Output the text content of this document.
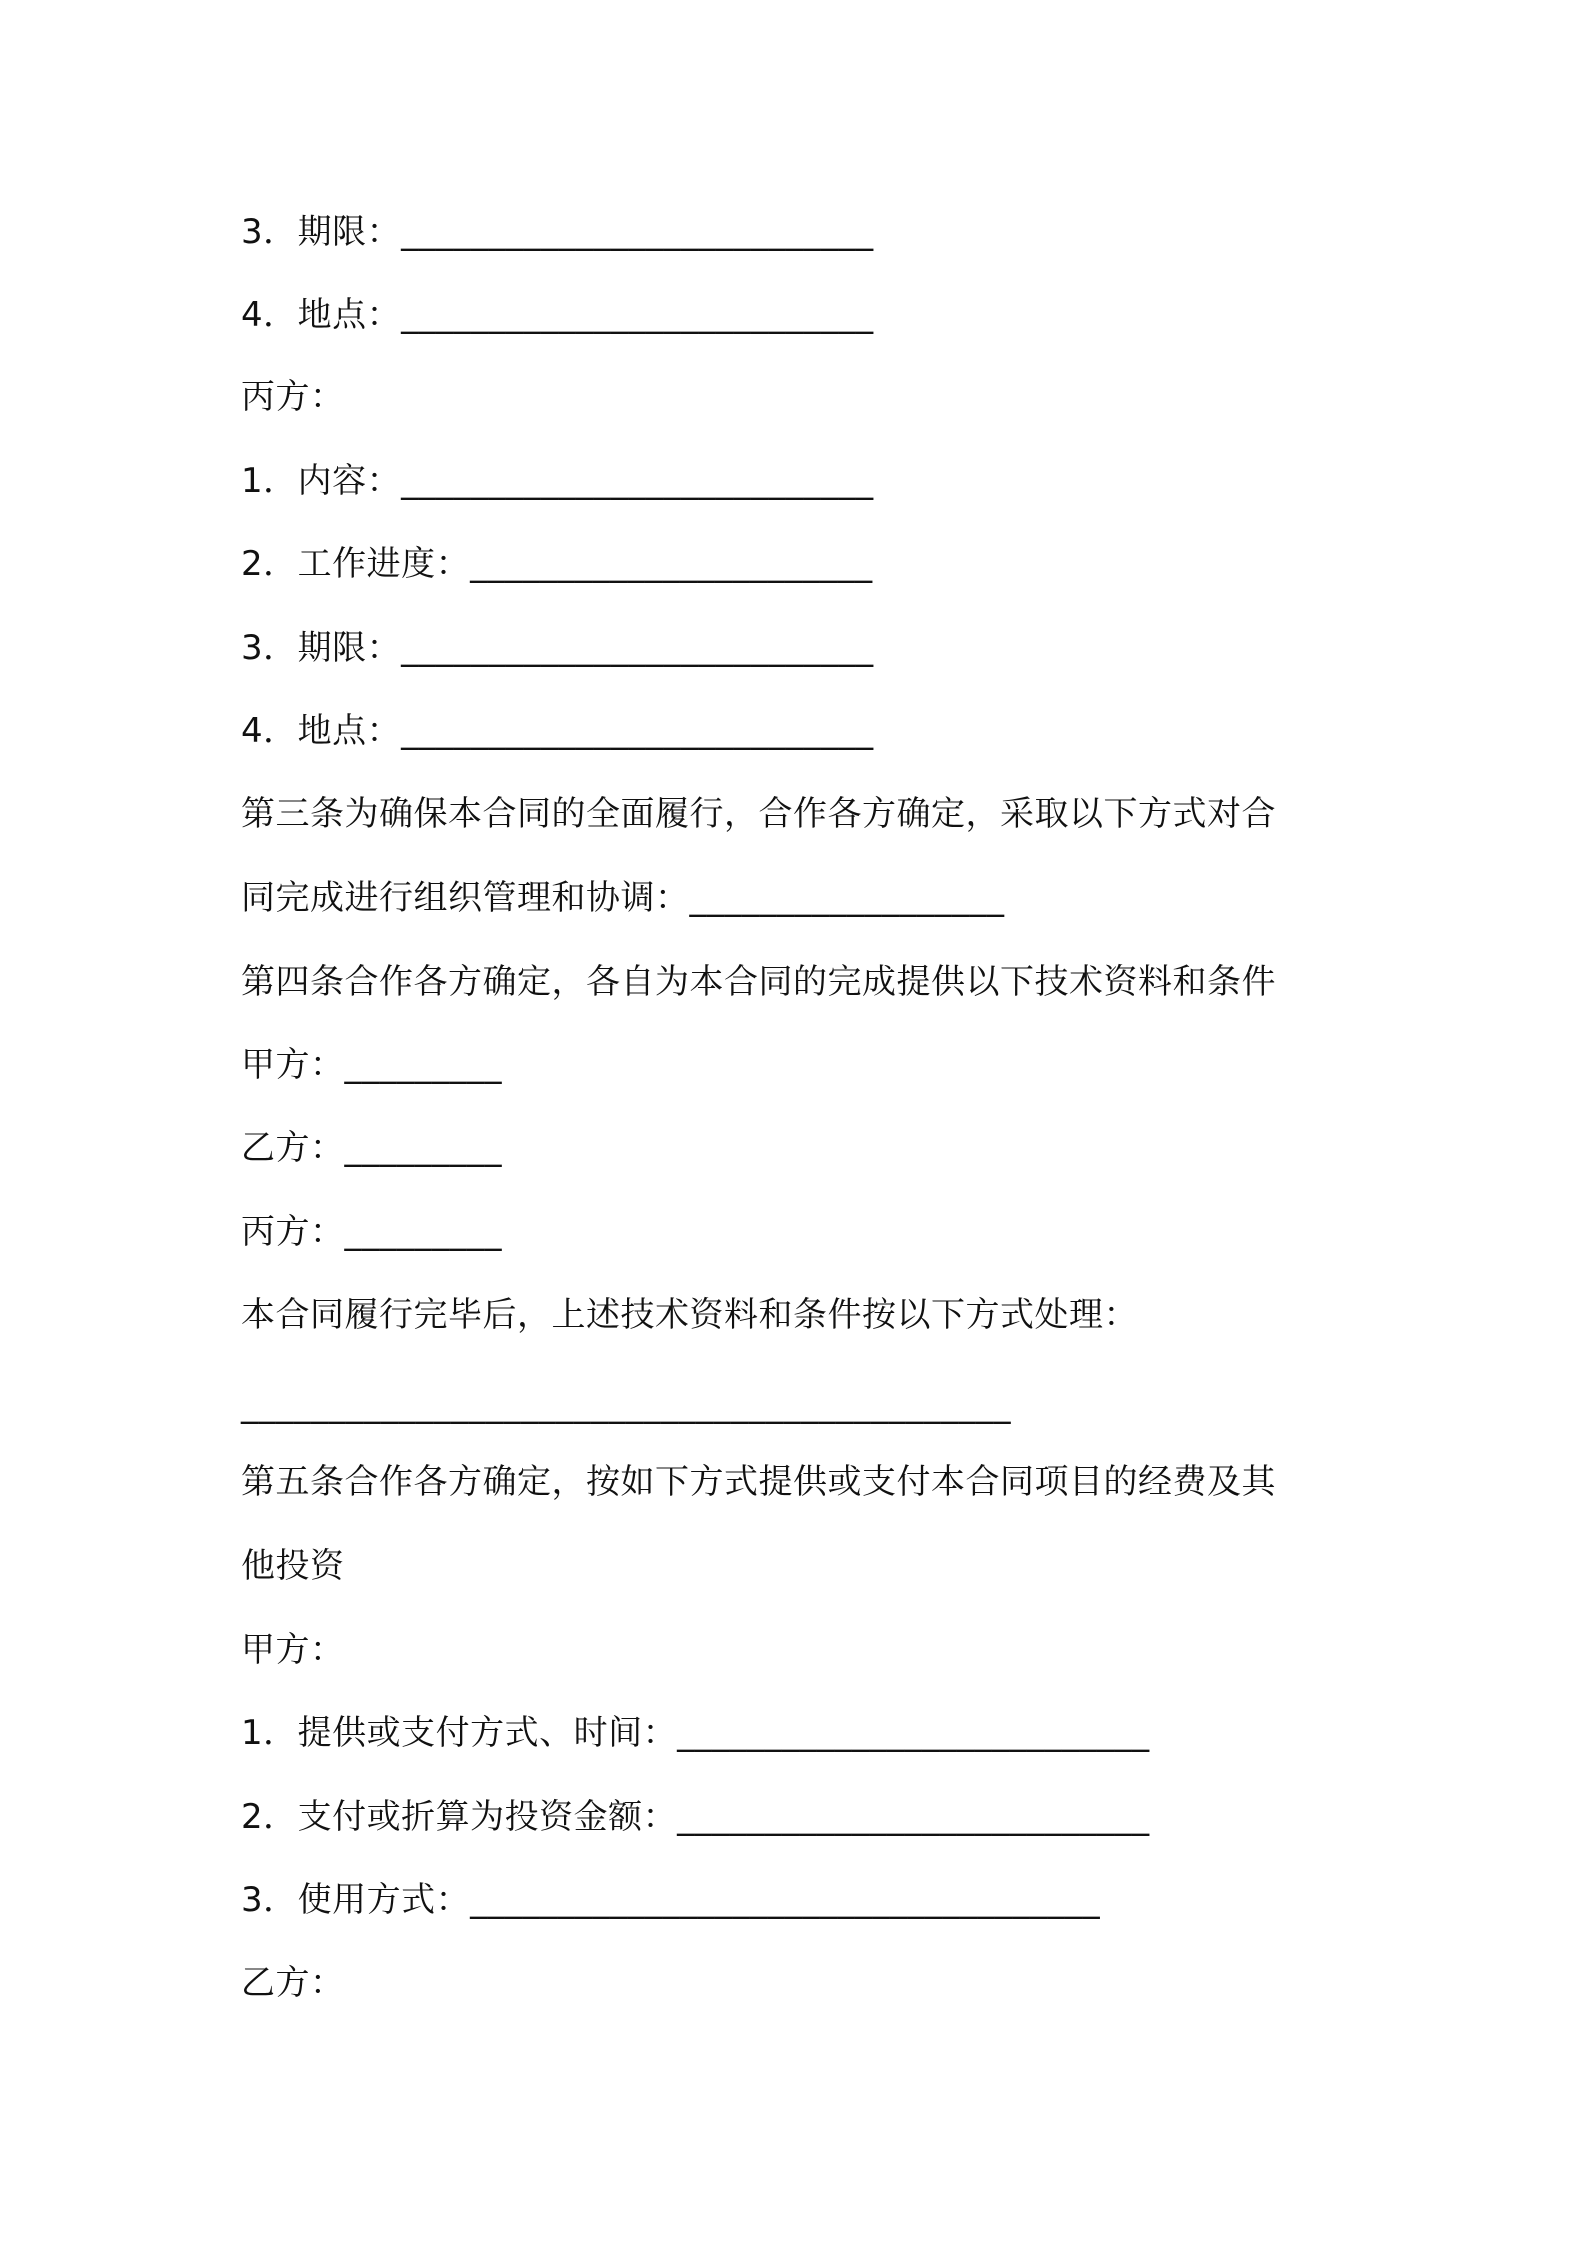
3．期限：___________________________
4．地点：___________________________
丙方：
1．内容：___________________________
2．工作进度：_______________________
3．期限：___________________________
4．地点：___________________________
第三条为确保本合同的全面履行，合作各方确定，采取以下方式对合
同完成进行组织管理和协调：__________________
第四条合作各方确定，各自为本合同的完成提供以下技术资料和条件
甲方：_________
乙方：_________
丙方：_________
本合同履行完毕后，上述技术资料和条件按以下方式处理：
____________________________________________
第五条合作各方确定，按如下方式提供或支付本合同项目的经费及其
他投资
甲方：
1．提供或支付方式、时间：___________________________
2．支付或折算为投资金额：___________________________
3．使用方式：____________________________________
乙方：
